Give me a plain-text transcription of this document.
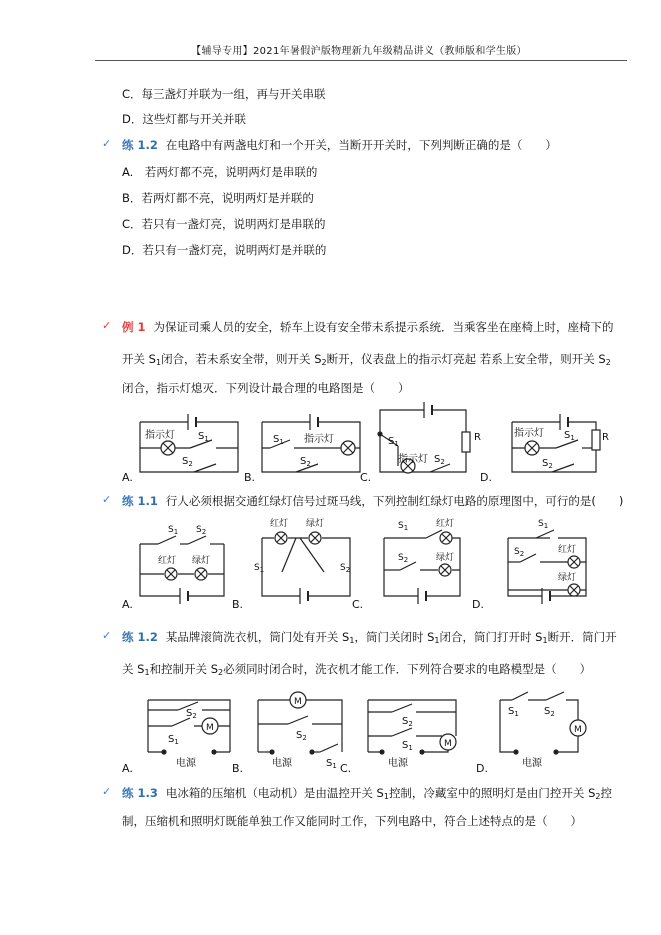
【辅导专用】2021年暑假沪版物理新九年级精品讲义（教师版和学生版）
C．每三盏灯并联为一组，再与开关串联
D．这些灯都与开关并联
✓ 练 1.2 在电路中有两盏电灯和一个开关，当断开开关时，下列判断正确的是（　　）
A.　若两灯都不亮，说明两灯是串联的
B．若两灯都不亮，说明两灯是并联的
C．若只有一盏灯亮，说明两灯是串联的
D．若只有一盏灯亮，说明两灯是并联的
✓ 例 1 为保证司乘人员的安全，轿车上设有安全带未系提示系统．当乘客坐在座椅上时，座椅下的
开关 $S_1$闭合，若未系安全带，则开关 $S_2$断开，仪表盘上的指示灯亮起 若系上安全带，则开关 $S_2$
闭合，指示灯熄灭．下列设计最合理的电路图是（　　）
指示灯 $S_1$
$S_2$
$S_1$ 指示灯
$S_2$
R
$S_1$
指示灯 $S_2$
指示灯 $S_1$	R
$S_2$
A.	B.	C.	D.
✓ 练 1.1 行人必须根据交通红绿灯信号过斑马线，下列控制红绿灯电路的原理图中，可行的是(　　)
$S_1$ $S_2$
红灯 绿灯
红灯 绿灯
$S_1$	$S_2$
$S_1$	红灯
$S_2$	绿灯
$S_1$
$S_2$	红灯
绿灯
A.	B.	C.	D.
✓ 练 1.2 某品牌滚筒洗衣机，筒门处有开关 $S_1$，筒门关闭时 $S_1$闭合，筒门打开时 $S_1$断开．筒门开
关 $S_1$和控制开关 $S_2$必须同时闭合时，洗衣机才能工作．下列符合要求的电路模型是（　　）
M
$S_2$
$S_1$
电源
M
$S_2$
$S_1$
电源
M
$S_2$
$S_1$
电源
M
$S_1$	$S_2$
电源
A.	B.	C.	D.
✓ 练 1.3 电冰箱的压缩机（电动机）是由温控开关 $S_1$控制，冷藏室中的照明灯是由门控开关 $S_2$控
制，压缩机和照明灯既能单独工作又能同时工作，下列电路中，符合上述特点的是（　　）
